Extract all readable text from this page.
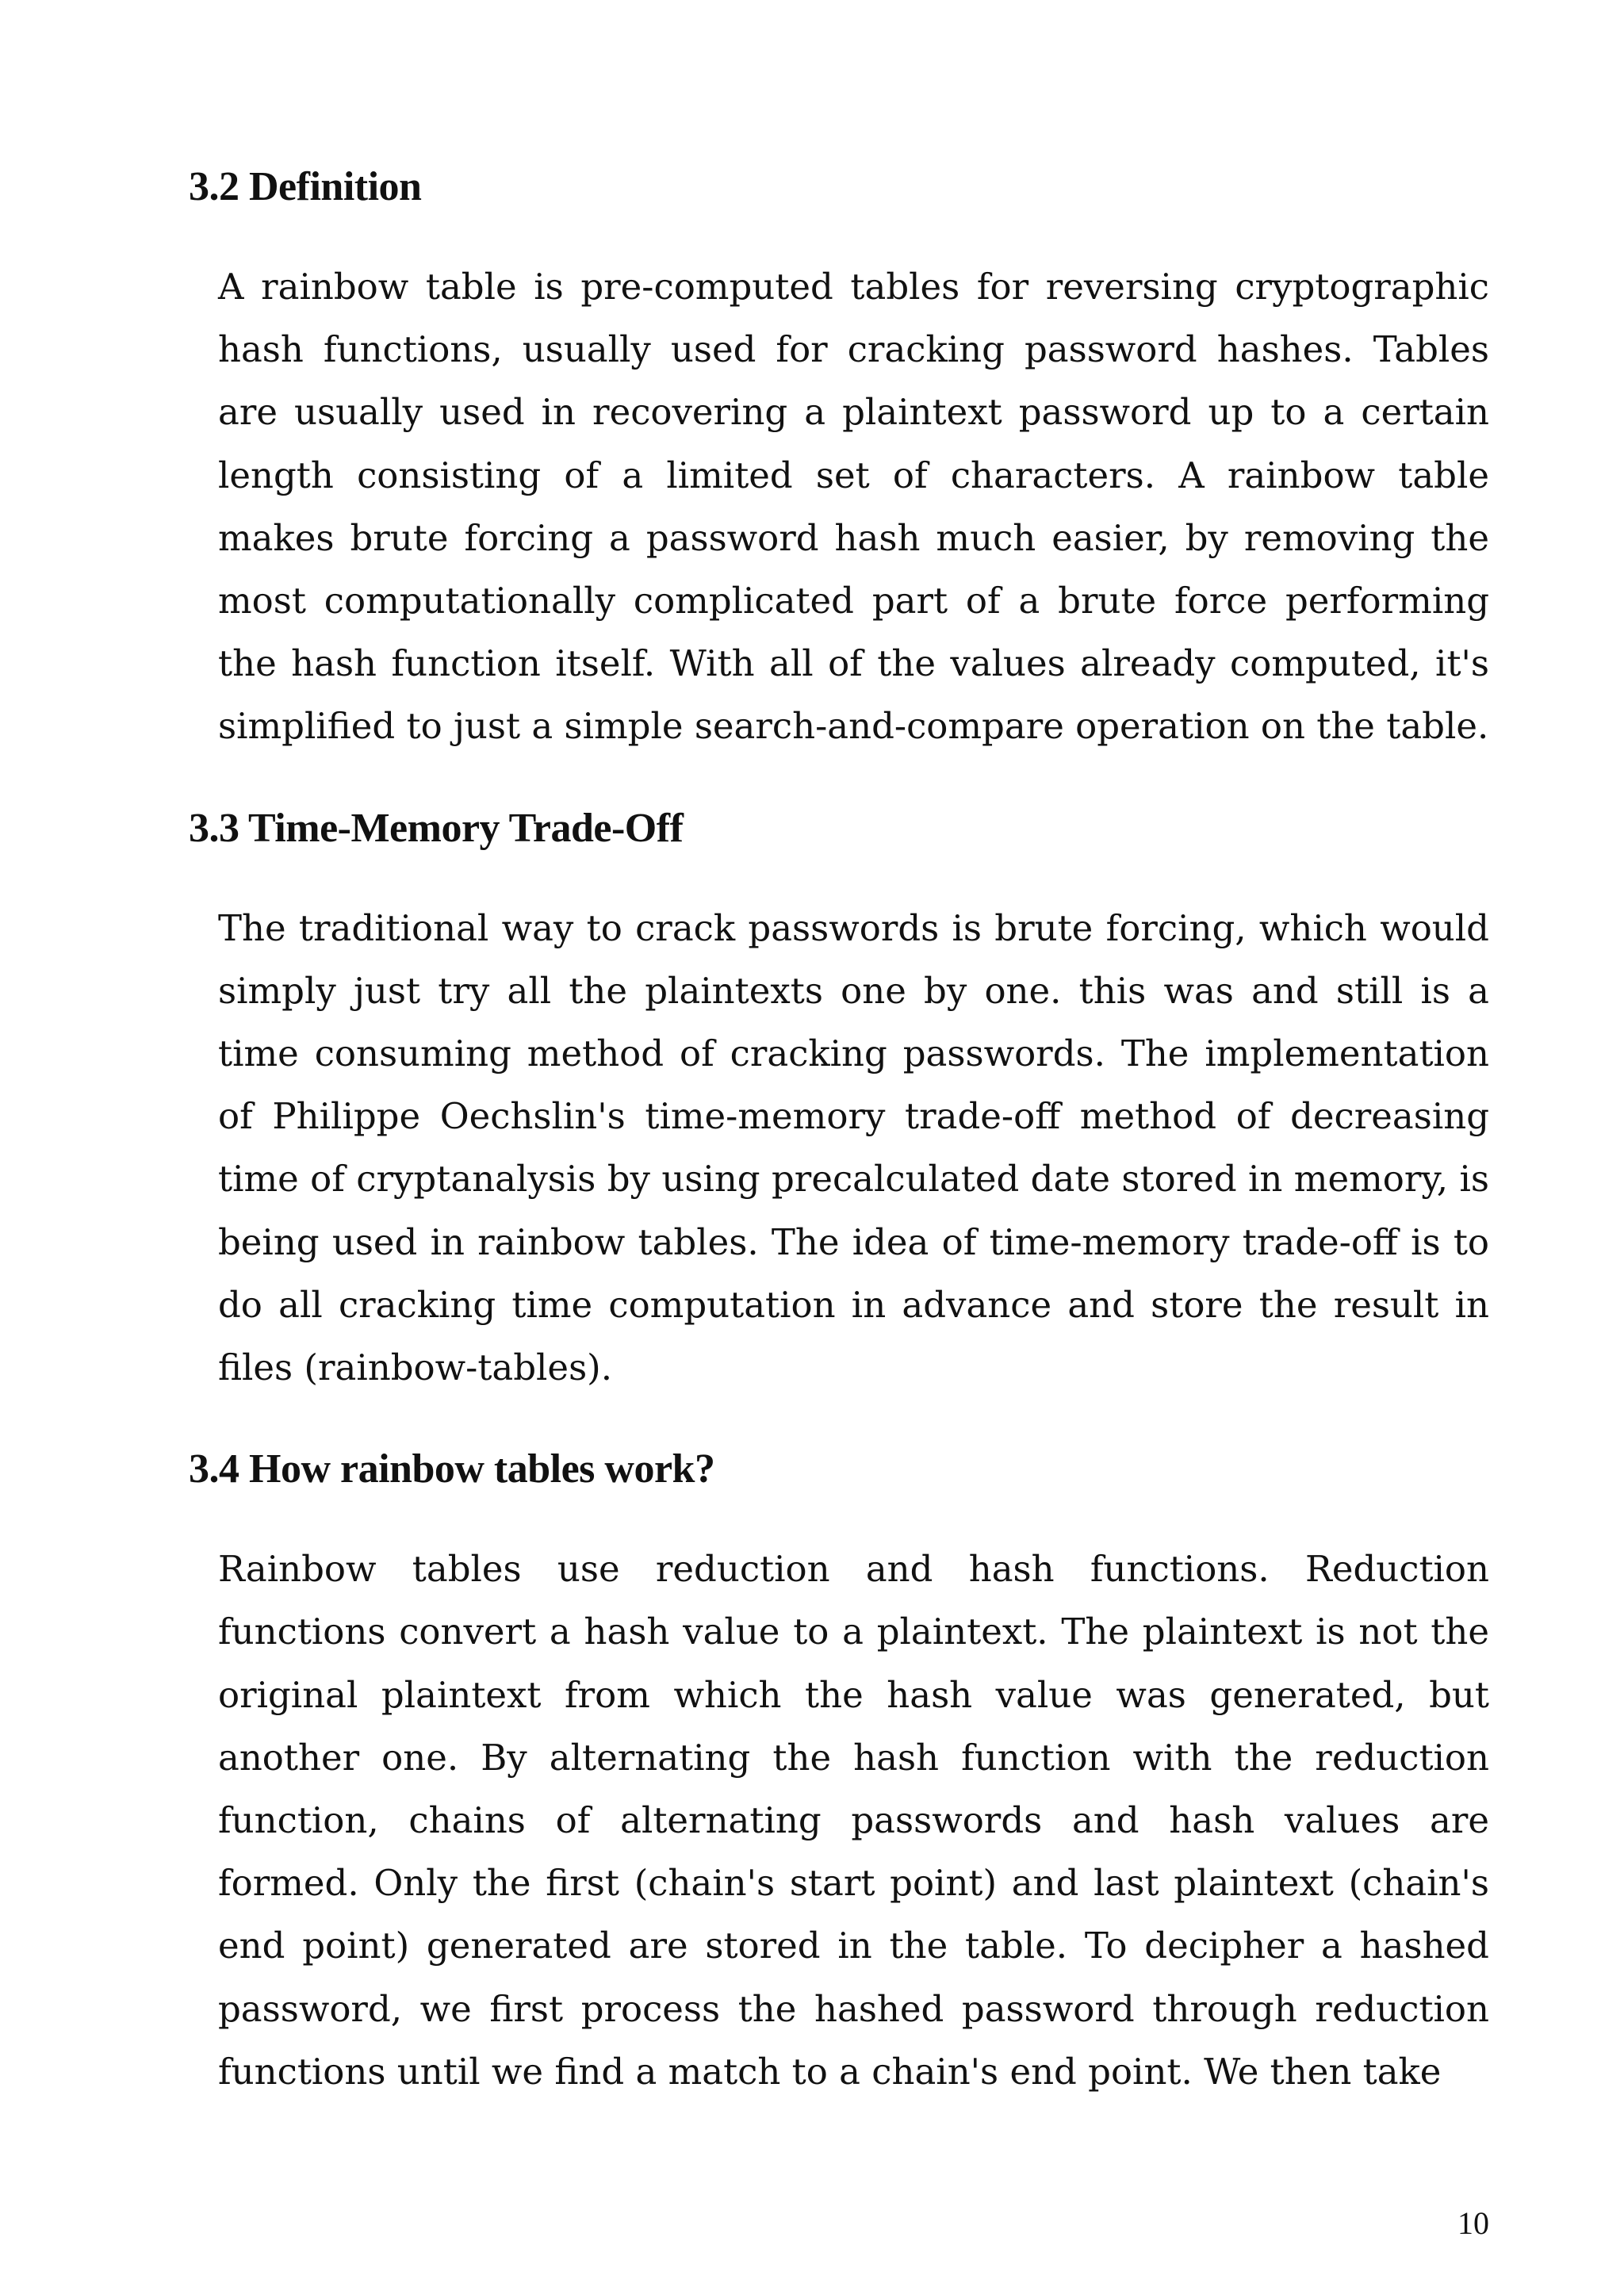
3.2 Definition

A rainbow table is pre-computed tables for reversing cryptographic hash functions, usually used for cracking password hashes. Tables are usually used in recovering a plaintext password up to a certain length consisting of a limited set of characters. A rainbow table makes brute forcing a password hash much easier, by removing the most computationally complicated part of a brute force performing the hash function itself. With all of the values already computed, it's simplified to just a simple search-and-compare operation on the table.

3.3 Time-Memory Trade-Off

The traditional way to crack passwords is brute forcing, which would simply just try all the plaintexts one by one. this was and still is a time consuming method of cracking passwords. The implementation of Philippe Oechslin's time-memory trade-off method of decreasing time of cryptanalysis by using precalculated date stored in memory, is being used in rainbow tables. The idea of time-memory trade-off is to do all cracking time computation in advance and store the result in files (rainbow-tables).

3.4 How rainbow tables work?

Rainbow tables use reduction and hash functions. Reduction functions convert a hash value to a plaintext. The plaintext is not the original plaintext from which the hash value was generated, but another one. By alternating the hash function with the reduction function, chains of alternating passwords and hash values are formed. Only the first (chain's start point) and last plaintext (chain's end point) generated are stored in the table. To decipher a hashed password, we first process the hashed password through reduction functions until we find a match to a chain's end point. We then take

10
